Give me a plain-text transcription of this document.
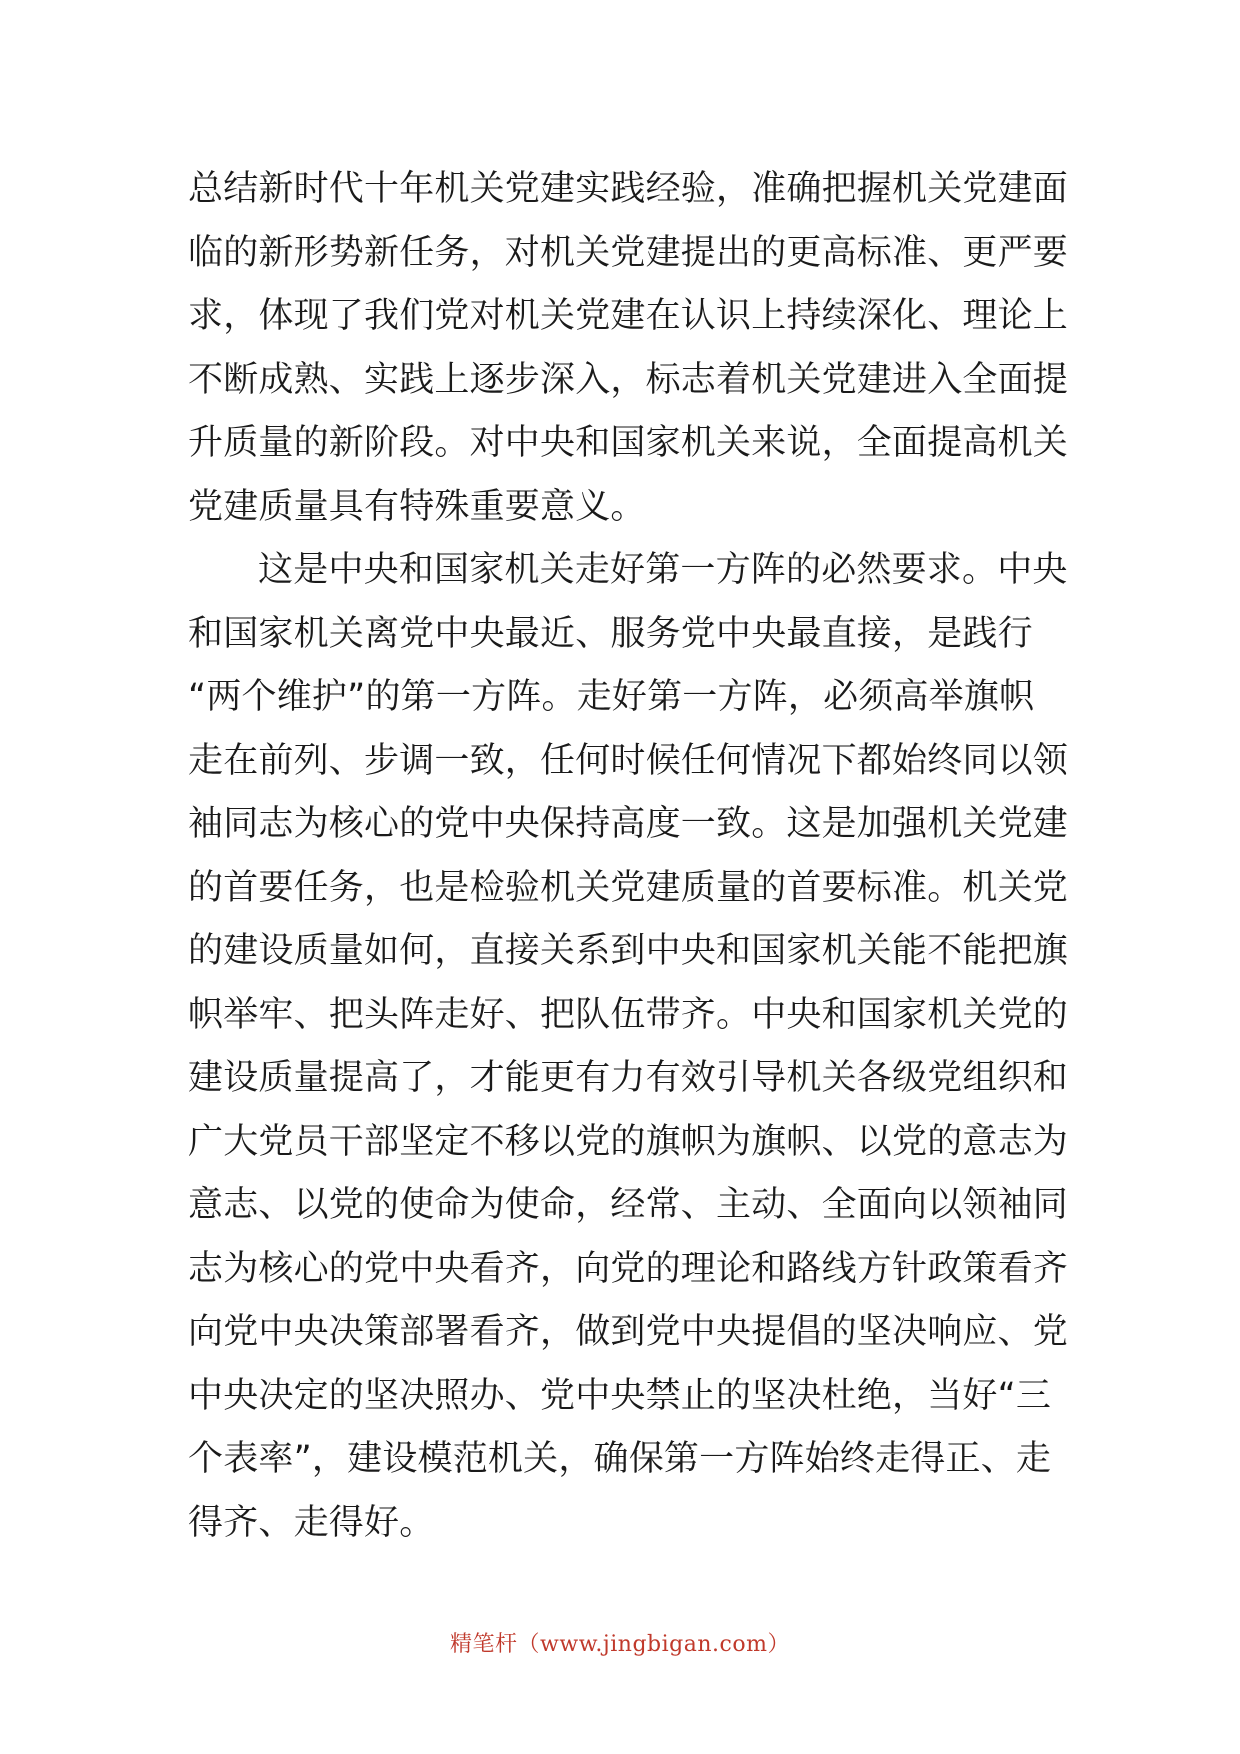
总结新时代十年机关党建实践经验，准确把握机关党建面
临的新形势新任务，对机关党建提出的更高标准、更严要
求，体现了我们党对机关党建在认识上持续深化、理论上
不断成熟、实践上逐步深入，标志着机关党建进入全面提
升质量的新阶段。对中央和国家机关来说，全面提高机关
党建质量具有特殊重要意义。
这是中央和国家机关走好第一方阵的必然要求。中央
和国家机关离党中央最近、服务党中央最直接，是践行
“两个维护”的第一方阵。走好第一方阵，必须高举旗帜
走在前列、步调一致，任何时候任何情况下都始终同以领
袖同志为核心的党中央保持高度一致。这是加强机关党建
的首要任务，也是检验机关党建质量的首要标准。机关党
的建设质量如何，直接关系到中央和国家机关能不能把旗
帜举牢、把头阵走好、把队伍带齐。中央和国家机关党的
建设质量提高了，才能更有力有效引导机关各级党组织和
广大党员干部坚定不移以党的旗帜为旗帜、以党的意志为
意志、以党的使命为使命，经常、主动、全面向以领袖同
志为核心的党中央看齐，向党的理论和路线方针政策看齐
向党中央决策部署看齐，做到党中央提倡的坚决响应、党
中央决定的坚决照办、党中央禁止的坚决杜绝，当好“三
个表率”，建设模范机关，确保第一方阵始终走得正、走
得齐、走得好。
精笔杆（www.jingbigan.com）
